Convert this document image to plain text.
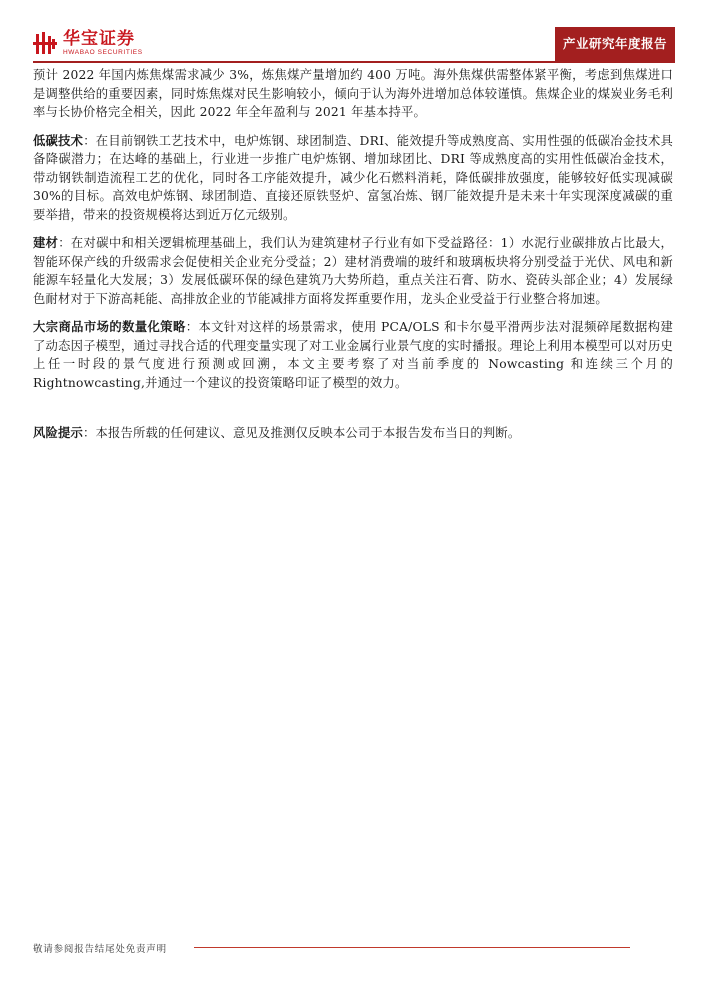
华宝证券
HWABAO SECURITIES
产业研究年度报告

预计 2022 年国内炼焦煤需求减少 3%，炼焦煤产量增加约 400 万吨。海外焦煤供需整体紧平衡，考虑到焦煤进口是调整供给的重要因素，同时炼焦煤对民生影响较小，倾向于认为海外进增加总体较谨慎。焦煤企业的煤炭业务毛利率与长协价格完全相关，因此 2022 年全年盈利与 2021 年基本持平。

低碳技术：在目前钢铁工艺技术中，电炉炼钢、球团制造、DRI、能效提升等成熟度高、实用性强的低碳冶金技术具备降碳潜力；在达峰的基础上，行业进一步推广电炉炼钢、增加球团比、DRI 等成熟度高的实用性低碳冶金技术，带动钢铁制造流程工艺的优化，同时各工序能效提升，减少化石燃料消耗，降低碳排放强度，能够较好低实现减碳 30%的目标。高效电炉炼钢、球团制造、直接还原铁竖炉、富氢冶炼、钢厂能效提升是未来十年实现深度减碳的重要举措，带来的投资规模将达到近万亿元级别。

建材：在对碳中和相关逻辑梳理基础上，我们认为建筑建材子行业有如下受益路径：1）水泥行业碳排放占比最大，智能环保产线的升级需求会促使相关企业充分受益；2）建材消费端的玻纤和玻璃板块将分别受益于光伏、风电和新能源车轻量化大发展；3）发展低碳环保的绿色建筑乃大势所趋，重点关注石膏、防水、瓷砖头部企业；4）发展绿色耐材对于下游高耗能、高排放企业的节能减排方面将发挥重要作用，龙头企业受益于行业整合将加速。

大宗商品市场的数量化策略：本文针对这样的场景需求，使用 PCA/OLS 和卡尔曼平滑两步法对混频碎尾数据构建了动态因子模型，通过寻找合适的代理变量实现了对工业金属行业景气度的实时播报。理论上利用本模型可以对历史上任一时段的景气度进行预测或回溯，本文主要考察了对当前季度的 Nowcasting 和连续三个月的 Rightnowcasting,并通过一个建议的投资策略印证了模型的效力。

风险提示：本报告所载的任何建议、意见及推测仅反映本公司于本报告发布当日的判断。

敬请参阅报告结尾处免责声明
